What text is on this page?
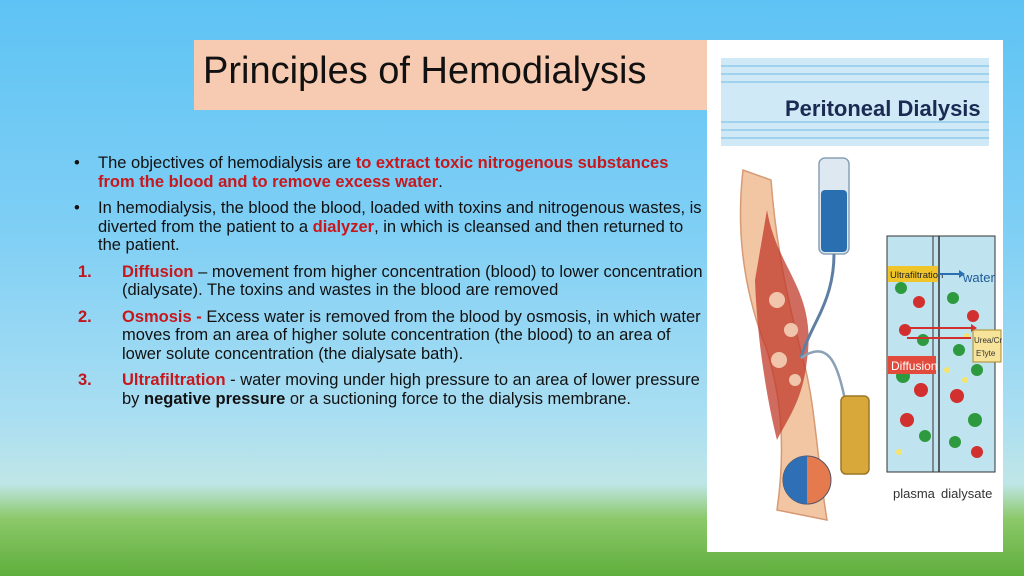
Principles of Hemodialysis
• The objectives of hemodialysis are to extract toxic nitrogenous substances from the blood and to remove excess water.
• In hemodialysis, the blood the blood, loaded with toxins and nitrogenous wastes, is diverted from the patient to a dialyzer, in which is cleansed and then returned to the patient.
1. Diffusion – movement from higher concentration (blood) to lower concentration (dialysate). The toxins and wastes in the blood are removed
2. Osmosis - Excess water is removed from the blood by osmosis, in which water moves from an area of higher solute concentration (the blood) to an area of lower solute concentration (the dialysate bath).
3. Ultrafiltration - water moving under high pressure to an area of lower pressure by negative pressure or a suctioning force to the dialysis membrane.
Peritoneal Dialysis
Ultrafiltration water
Diffusion
Urea/Cr
E'lyte
plasma dialysate
